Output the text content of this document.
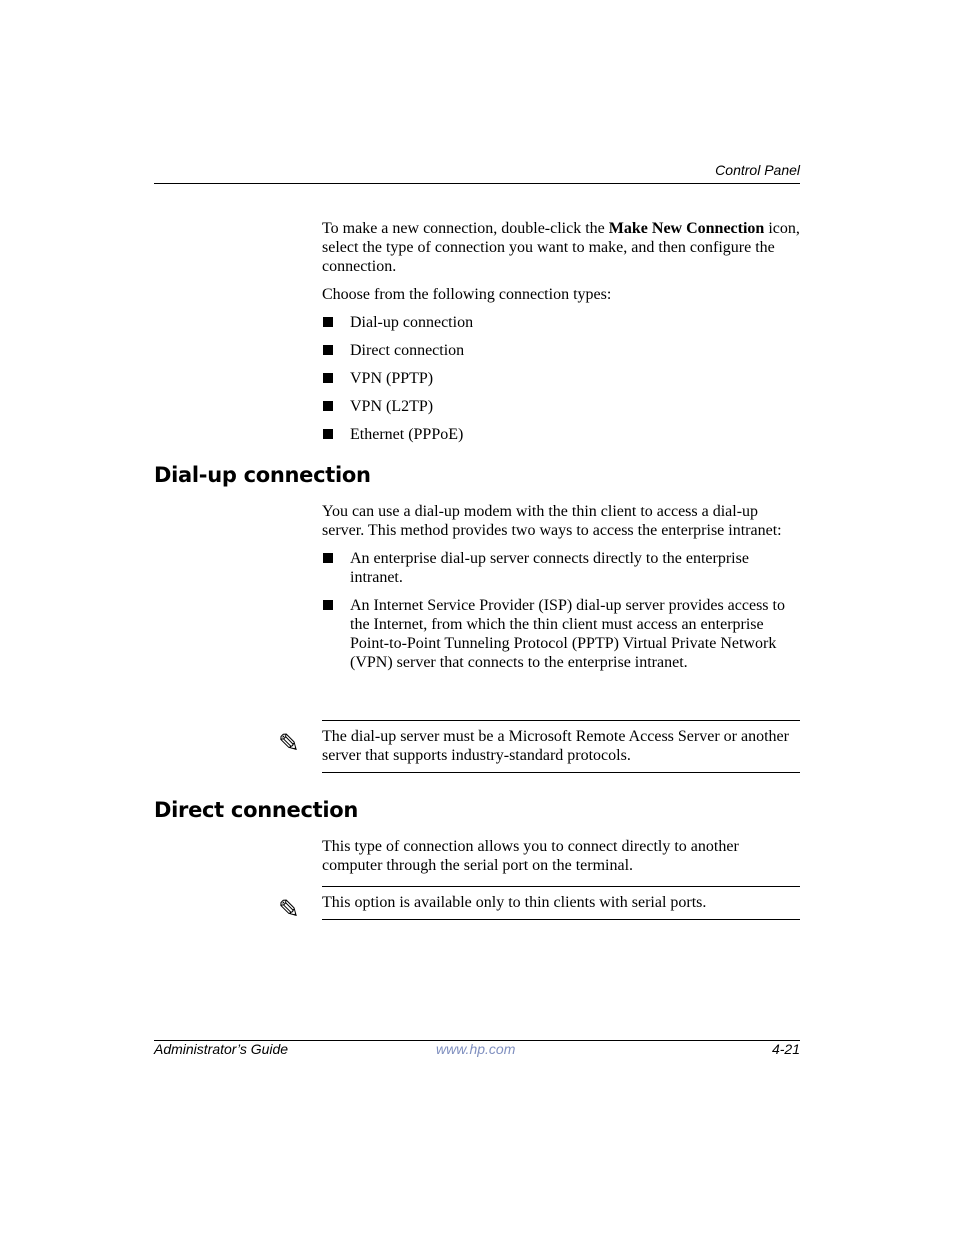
Control Panel

To make a new connection, double-click the Make New Connection icon, select the type of connection you want to make, and then configure the connection.

Choose from the following connection types:

Dial-up connection
Direct connection
VPN (PPTP)
VPN (L2TP)
Ethernet (PPPoE)
Dial-up connection

You can use a dial-up modem with the thin client to access a dial-up server. This method provides two ways to access the enterprise intranet:

An enterprise dial-up server connects directly to the enterprise intranet.
An Internet Service Provider (ISP) dial-up server provides access to the Internet, from which the thin client must access an enterprise Point-to-Point Tunneling Protocol (PPTP) Virtual Private Network (VPN) server that connects to the enterprise intranet.
✎ The dial-up server must be a Microsoft Remote Access Server or another server that supports industry-standard protocols.
Direct connection

This type of connection allows you to connect directly to another computer through the serial port on the terminal.

✎ This option is available only to thin clients with serial ports.
Administrator’s Guide	www.hp.com	4-21
